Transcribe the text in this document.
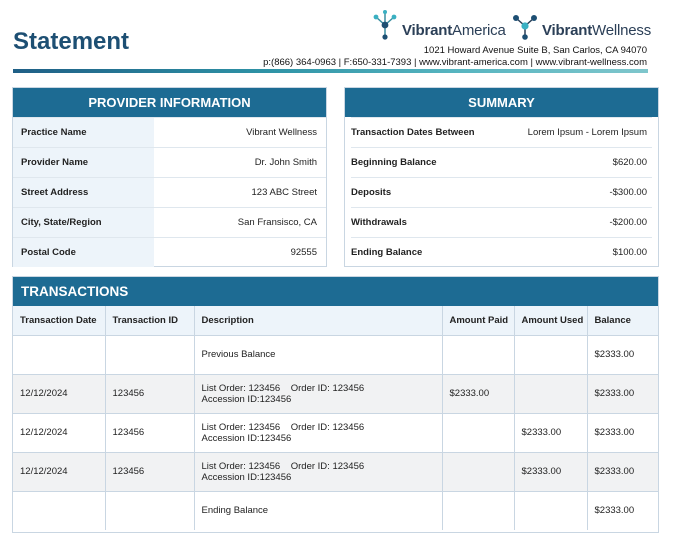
Statement	VibrantAmerica VibrantWellness
1021 Howard Avenue Suite B, San Carlos, CA 94070
p:(866) 364-0963 | F:650-331-7393 | www.vibrant-america.com | www.vibrant-wellness.com
PROVIDER INFORMATION
Practice Name	Vibrant Wellness
Provider Name	Dr. John Smith
Street Address	123 ABC Street
City, State/Region	San Fransisco, CA
Postal Code	92555
SUMMARY
Transaction Dates Between	Lorem Ipsum - Lorem Ipsum
Beginning Balance	$620.00
Deposits	-$300.00
Withdrawals	-$200.00
Ending Balance	$100.00
TRANSACTIONS
Transaction Date	Transaction ID	Description	Amount Paid	Amount Used	Balance

		Previous Balance			$2333.00
12/12/2024	123456	List Order: 123456    Order ID: 123456
Accession ID:123456	$2333.00		$2333.00
12/12/2024	123456	List Order: 123456    Order ID: 123456
Accession ID:123456		$2333.00	$2333.00
12/12/2024	123456	List Order: 123456    Order ID: 123456
Accession ID:123456		$2333.00	$2333.00

		Ending Balance			$2333.00
